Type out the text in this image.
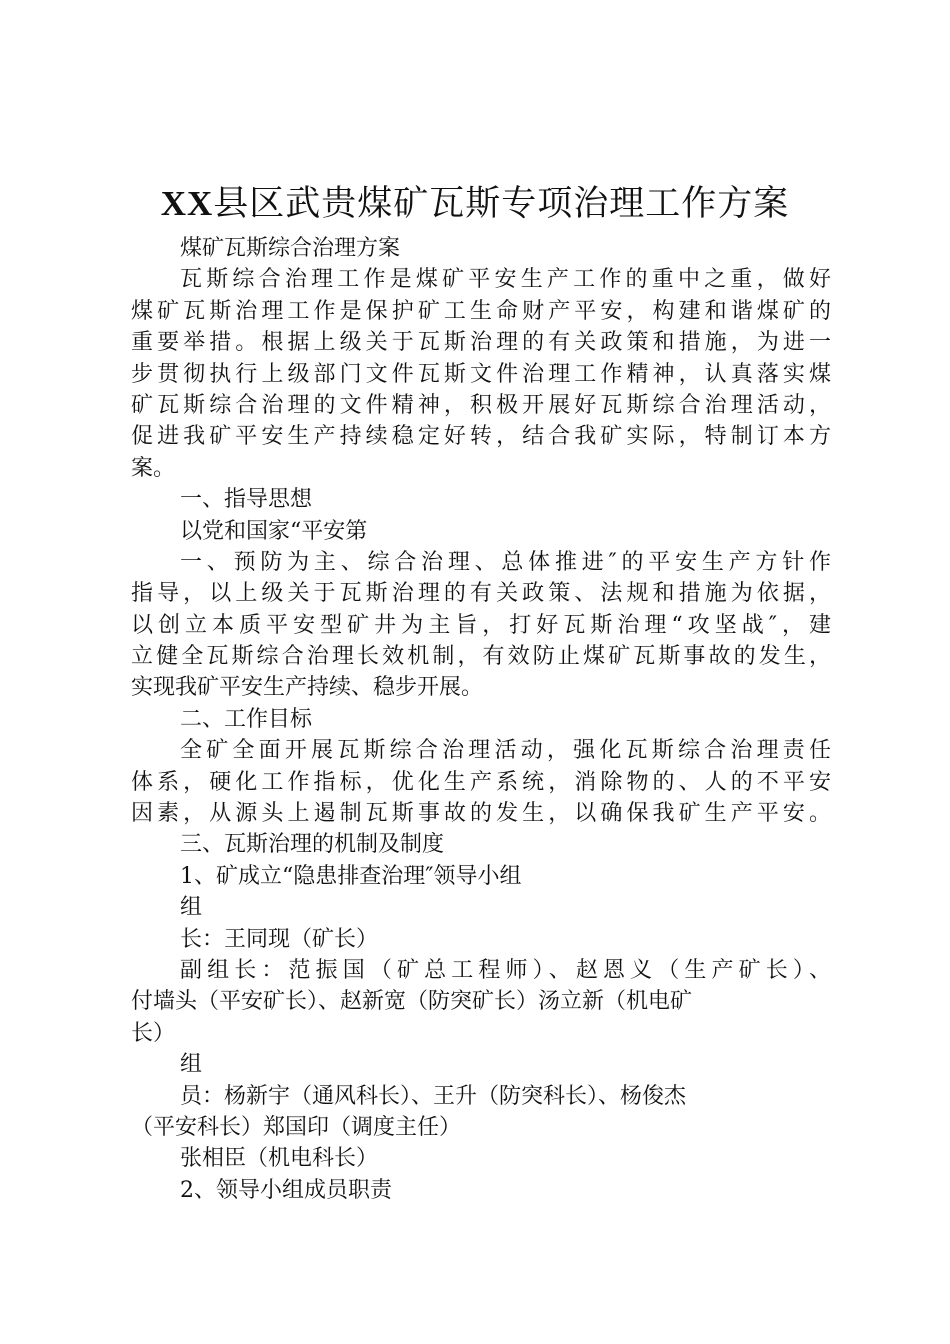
XX县区武贵煤矿瓦斯专项治理工作方案
煤矿瓦斯综合治理方案
瓦斯综合治理工作是煤矿平安生产工作的重中之重，做好
煤矿瓦斯治理工作是保护矿工生命财产平安，构建和谐煤矿的
重要举措。根据上级关于瓦斯治理的有关政策和措施，为进一
步贯彻执行上级部门文件瓦斯文件治理工作精神，认真落实煤
矿瓦斯综合治理的文件精神，积极开展好瓦斯综合治理活动，
促进我矿平安生产持续稳定好转，结合我矿实际，特制订本方
案。
一、指导思想
以党和国家“平安第
一、预防为主、综合治理、总体推进″的平安生产方针作
指导，以上级关于瓦斯治理的有关政策、法规和措施为依据，
以创立本质平安型矿井为主旨，打好瓦斯治理“攻坚战″，建
立健全瓦斯综合治理长效机制，有效防止煤矿瓦斯事故的发生，
实现我矿平安生产持续、稳步开展。
二、工作目标
全矿全面开展瓦斯综合治理活动，强化瓦斯综合治理责任
体系，硬化工作指标，优化生产系统，消除物的、人的不平安
因素，从源头上遏制瓦斯事故的发生，以确保我矿生产平安。
三、瓦斯治理的机制及制度
1、矿成立“隐患排查治理″领导小组
组
长：王同现（矿长）
副组长：范振国（矿总工程师）、赵恩义（生产矿长）、
付墙头（平安矿长）、赵新宽（防突矿长）汤立新（机电矿
长）
组
员：杨新宇（通风科长）、王升（防突科长）、杨俊杰
（平安科长）郑国印（调度主任）
张相臣（机电科长）
2、领导小组成员职责
